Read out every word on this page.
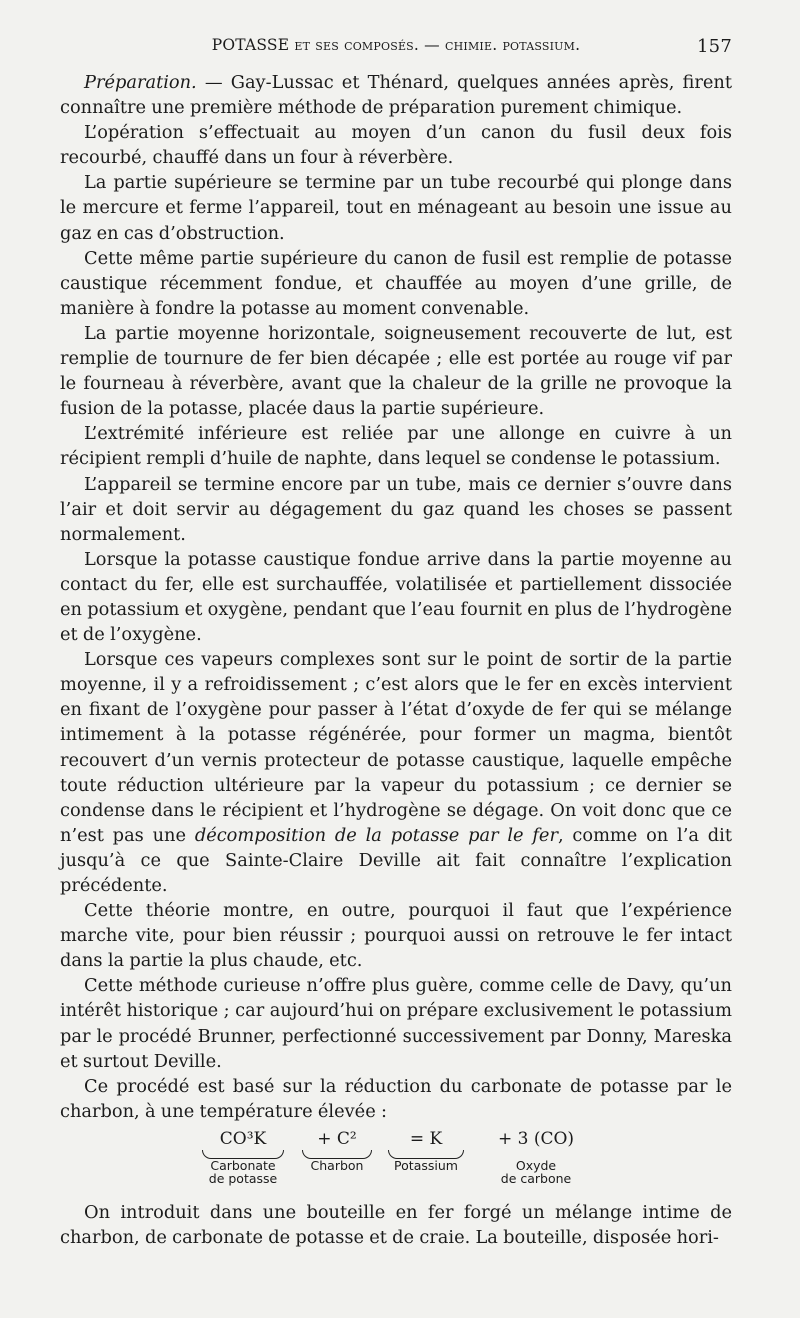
POTASSE et ses composés. — chimie. potassium.	157

Préparation. — Gay-Lussac et Thénard, quelques années après, firent connaître une première méthode de préparation purement chimique.

L’opération s’effectuait au moyen d’un canon du fusil deux fois recourbé, chauffé dans un four à réverbère.

La partie supérieure se termine par un tube recourbé qui plonge dans le mercure et ferme l’appareil, tout en ménageant au besoin une issue au gaz en cas d’obstruction.

Cette même partie supérieure du canon de fusil est remplie de potasse caustique récemment fondue, et chauffée au moyen d’une grille, de manière à fondre la potasse au moment convenable.

La partie moyenne horizontale, soigneusement recouverte de lut, est remplie de tournure de fer bien décapée ; elle est portée au rouge vif par le fourneau à réverbère, avant que la chaleur de la grille ne provoque la fusion de la potasse, placée daus la partie supérieure.

L’extrémité inférieure est reliée par une allonge en cuivre à un récipient rempli d’huile de naphte, dans lequel se condense le potassium.

L’appareil se termine encore par un tube, mais ce dernier s’ouvre dans l’air et doit servir au dégagement du gaz quand les choses se passent normalement.

Lorsque la potasse caustique fondue arrive dans la partie moyenne au contact du fer, elle est surchauffée, volatilisée et partiellement dissociée en potassium et oxygène, pendant que l’eau fournit en plus de l’hydrogène et de l’oxygène.

Lorsque ces vapeurs complexes sont sur le point de sortir de la partie moyenne, il y a refroidissement ; c’est alors que le fer en excès intervient en fixant de l’oxygène pour passer à l’état d’oxyde de fer qui se mélange intimement à la potasse régénérée, pour former un magma, bientôt recouvert d’un vernis protecteur de potasse caustique, laquelle empêche toute réduction ultérieure par la vapeur du potassium ; ce dernier se condense dans le récipient et l’hydrogène se dégage. On voit donc que ce n’est pas une décomposition de la potasse par le fer, comme on l’a dit jusqu’à ce que Sainte-Claire Deville ait fait connaître l’explication précédente.

Cette théorie montre, en outre, pourquoi il faut que l’expérience marche vite, pour bien réussir ; pourquoi aussi on retrouve le fer intact dans la partie la plus chaude, etc.

Cette méthode curieuse n’offre plus guère, comme celle de Davy, qu’un intérêt historique ; car aujourd’hui on prépare exclusivement le potassium par le procédé Brunner, perfectionné successivement par Donny, Mareska et surtout Deville.

Ce procédé est basé sur la réduction du carbonate de potasse par le charbon, à une température élevée :

CO³K
Carbonate
de potasse
+ C²
Charbon
= K
Potassium
+ 3 (CO)
Oxyde
de carbone

On introduit dans une bouteille en fer forgé un mélange intime de charbon, de carbonate de potasse et de craie. La bouteille, disposée hori-
